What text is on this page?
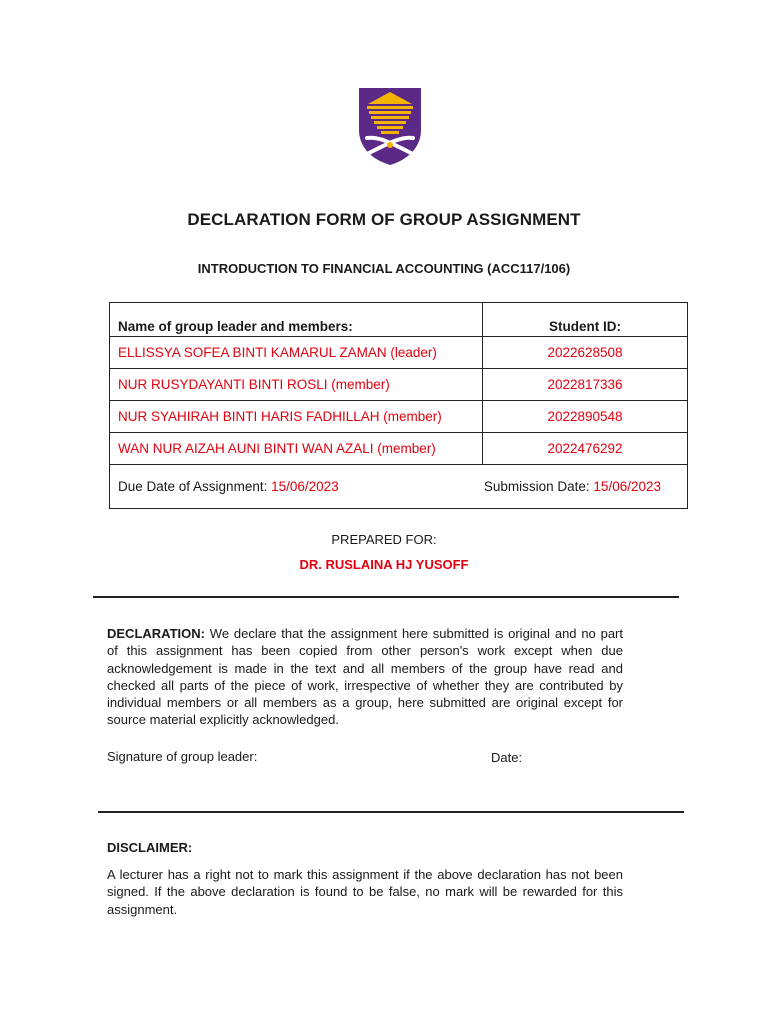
DECLARATION FORM OF GROUP ASSIGNMENT
INTRODUCTION TO FINANCIAL ACCOUNTING (ACC117/106)
Name of group leader and members:	Student ID:
ELLISSYA SOFEA BINTI KAMARUL ZAMAN (leader)	2022628508
NUR RUSYDAYANTI BINTI ROSLI (member)	2022817336
NUR SYAHIRAH BINTI HARIS FADHILLAH (member)	2022890548
WAN NUR AIZAH AUNI BINTI WAN AZALI (member)	2022476292

Due Date of Assignment: 15/06/2023 Submission Date: 15/06/2023	
PREPARED FOR:
DR. RUSLAINA HJ YUSOFF
DECLARATION: We declare that the assignment here submitted is original and no part of this assignment has been copied from other person's work except when due acknowledgement is made in the text and all members of the group have read and checked all parts of the piece of work, irrespective of whether they are contributed by individual members or all members as a group, here submitted are original except for source material explicitly acknowledged.
Signature of group leader:	Date:
DISCLAIMER:
A lecturer has a right not to mark this assignment if the above declaration has not been signed. If the above declaration is found to be false, no mark will be rewarded for this assignment.
